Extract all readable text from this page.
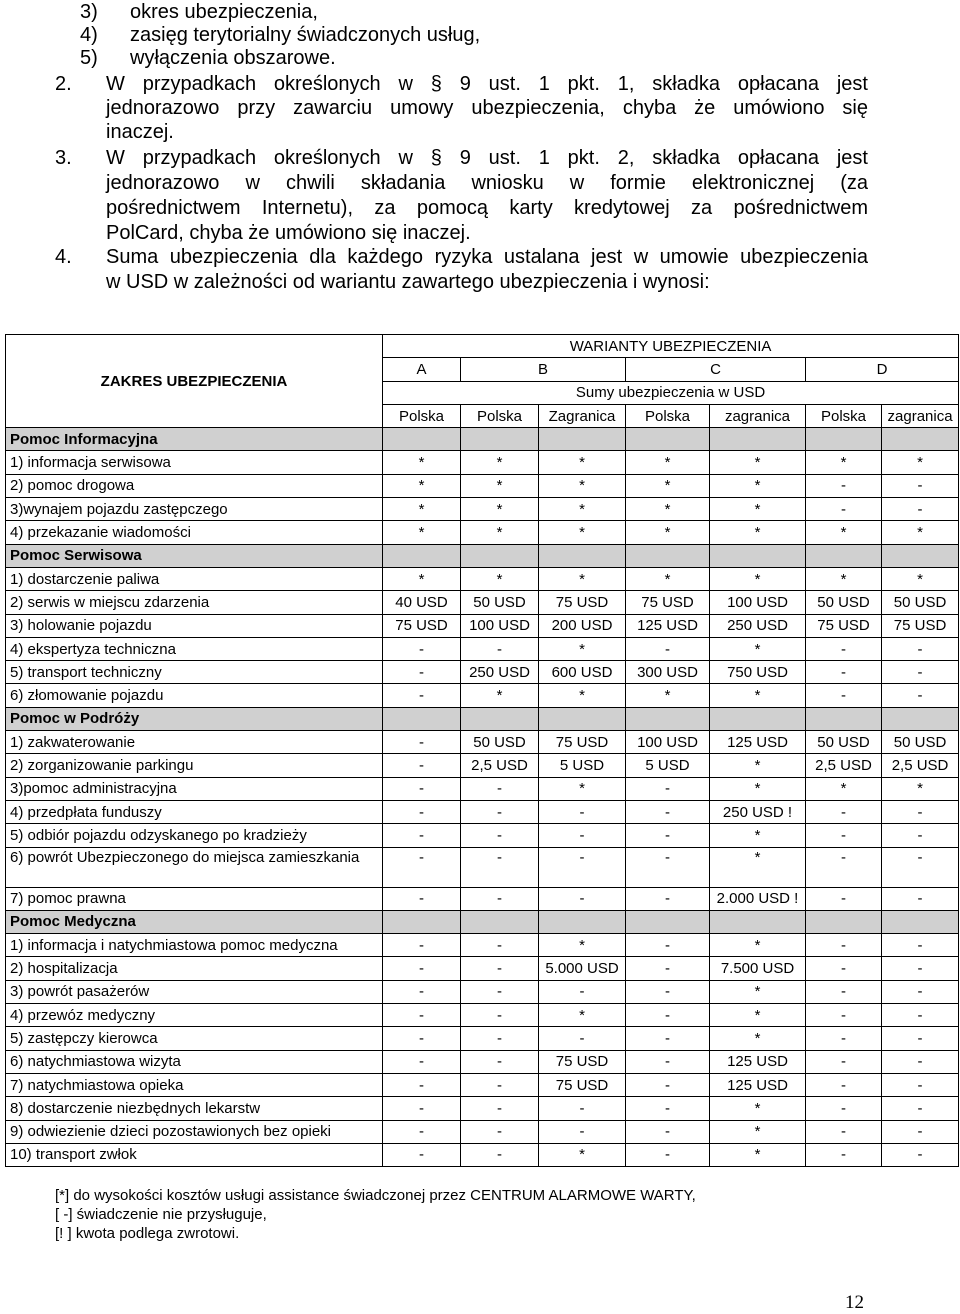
3) okres ubezpieczenia,
4) zasięg terytorialny świadczonych usług,
5) wyłączenia obszarowe.
2. W przypadkach określonych w § 9 ust. 1 pkt. 1, składka opłacana jest
jednorazowo przy zawarciu umowy ubezpieczenia, chyba że umówiono się
inaczej.
3. W przypadkach określonych w § 9 ust. 1 pkt. 2, składka opłacana jest
jednorazowo w chwili składania wniosku w formie elektronicznej (za
pośrednictwem Internetu), za pomocą karty kredytowej za pośrednictwem
PolCard, chyba że umówiono się inaczej.
4. Suma ubezpieczenia dla każdego ryzyka ustalana jest w umowie ubezpieczenia
w USD w zależności od wariantu zawartego ubezpieczenia i wynosi:
ZAKRES UBEZPIECZENIA	WARIANTY UBEZPIECZENIA						
	A	B		C		D	
	Sumy ubezpieczenia w USD						
	Polska	Polska	Zagranica	Polska	zagranica	Polska	zagranica
Pomoc Informacyjna							
1) informacja serwisowa	*	*	*	*	*	*	*
2) pomoc drogowa	*	*	*	*	*	-	-
3)wynajem pojazdu zastępczego	*	*	*	*	*	-	-
4) przekazanie wiadomości	*	*	*	*	*	*	*
Pomoc Serwisowa							
1) dostarczenie paliwa	*	*	*	*	*	*	*
2) serwis w miejscu zdarzenia	40 USD	50 USD	75 USD	75 USD	100 USD	50 USD	50 USD
3) holowanie pojazdu	75 USD	100 USD	200 USD	125 USD	250 USD	75 USD	75 USD
4) ekspertyza techniczna	-	-	*	-	*	-	-
5) transport techniczny	-	250 USD	600 USD	300 USD	750 USD	-	-
6) złomowanie pojazdu	-	*	*	*	*	-	-
Pomoc w Podróży							
1) zakwaterowanie	-	50 USD	75 USD	100 USD	125 USD	50 USD	50 USD
2) zorganizowanie parkingu	-	2,5 USD	5 USD	5 USD	*	2,5 USD	2,5 USD
3)pomoc administracyjna	-	-	*	-	*	*	*
4) przedpłata funduszy	-	-	-	-	250 USD !	-	-
5) odbiór pojazdu odzyskanego po kradzieży	-	-	-	-	*	-	-
6) powrót Ubezpieczonego do miejsca zamieszkania	-	-	-	-	*	-	-
7) pomoc prawna	-	-	-	-	2.000 USD !	-	-
Pomoc Medyczna							
1) informacja i natychmiastowa pomoc medyczna	-	-	*	-	*	-	-
2) hospitalizacja	-	-	5.000 USD	-	7.500 USD	-	-
3) powrót pasażerów	-	-	-	-	*	-	-
4) przewóz medyczny	-	-	*	-	*	-	-
5) zastępczy kierowca	-	-	-	-	*	-	-
6) natychmiastowa wizyta	-	-	75 USD	-	125 USD	-	-
7) natychmiastowa opieka	-	-	75 USD	-	125 USD	-	-
8) dostarczenie niezbędnych lekarstw	-	-	-	-	*	-	-
9) odwiezienie dzieci pozostawionych bez opieki	-	-	-	-	*	-	-
10) transport zwłok	-	-	*	-	*	-	-
[*] do wysokości kosztów usługi assistance świadczonej przez CENTRUM ALARMOWE WARTY,
[ -] świadczenie nie przysługuje,
[! ] kwota podlega zwrotowi.
12
